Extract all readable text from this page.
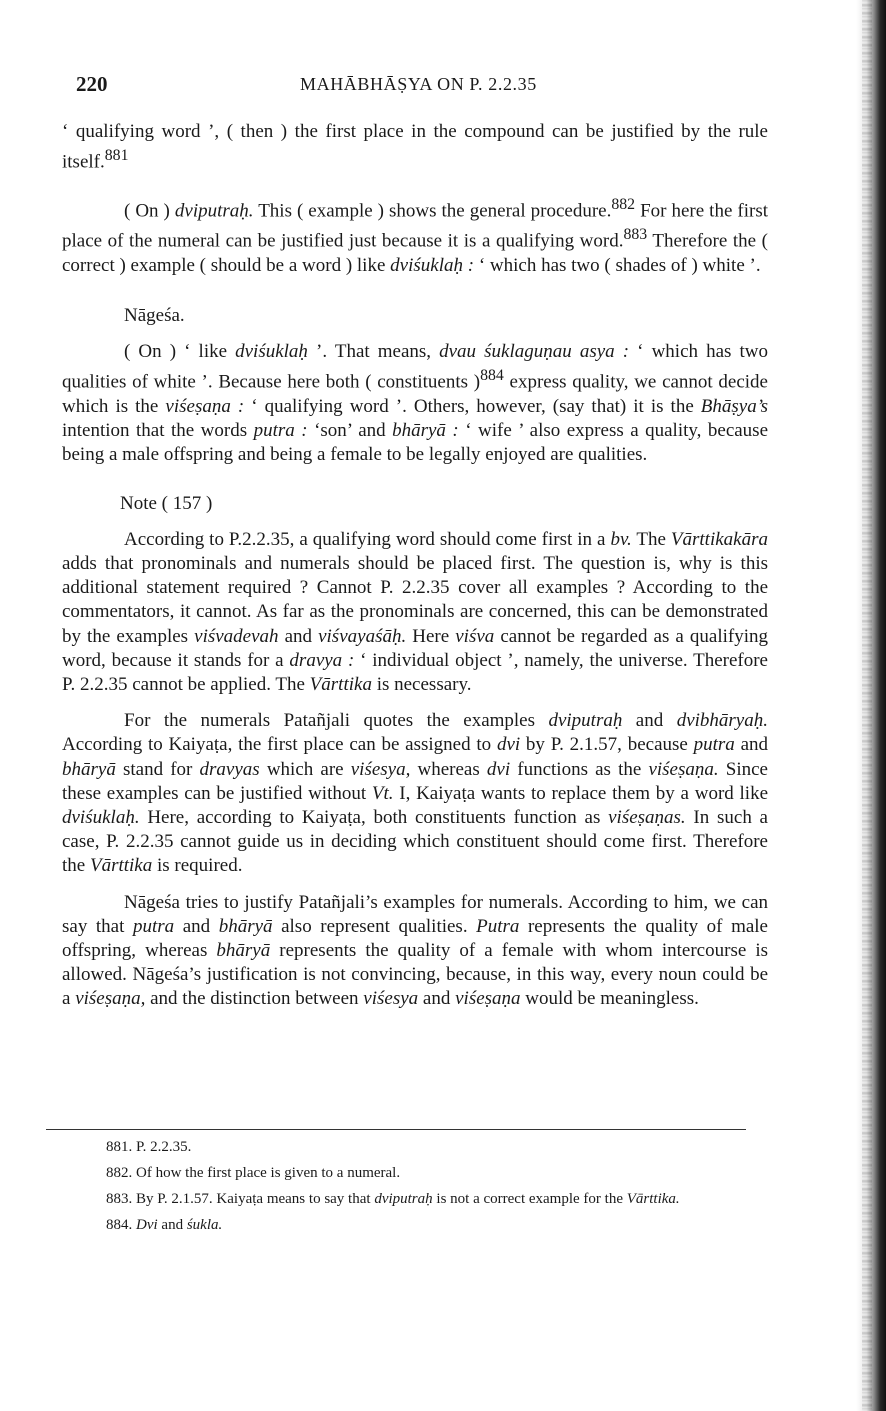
220	MAHĀBHĀṢYA ON P. 2.2.35

‘ qualifying word ’, ( then ) the first place in the compound can be justified by the rule itself.$^{881}$

( On ) dviputraḥ. This ( example ) shows the general procedure.$^{882}$ For here the first place of the numeral can be justified just because it is a qualifying word.$^{883}$ Therefore the ( correct ) example ( should be a word ) like dviśuklaḥ : ‘ which has two ( shades of ) white ’.

Nāgeśa.

( On ) ‘ like dviśuklaḥ ’. That means, dvau śuklaguṇau asya : ‘ which has two qualities of white ’. Because here both ( constituents )$^{884}$ express quality, we cannot decide which is the viśeṣaṇa : ‘ qualifying word ’. Others, however, (say that) it is the Bhāṣya’s intention that the words putra : ‘son’ and bhāryā : ‘ wife ’ also express a quality, because being a male offspring and being a female to be legally enjoyed are qualities.

Note ( 157 )

According to P.2.2.35, a qualifying word should come first in a bv. The Vārttikakāra adds that pronominals and numerals should be placed first. The question is, why is this additional statement required ? Cannot P. 2.2.35 cover all examples ? According to the commentators, it cannot. As far as the pronominals are concerned, this can be demonstrated by the examples viśvadevah and viśvayaśāḥ. Here viśva cannot be regarded as a qualifying word, because it stands for a dravya : ‘ individual object ’, namely, the universe. Therefore P. 2.2.35 cannot be applied. The Vārttika is necessary.

For the numerals Patañjali quotes the examples dviputraḥ and dvibhāryaḥ. According to Kaiyaṭa, the first place can be assigned to dvi by P. 2.1.57, because putra and bhāryā stand for dravyas which are viśesya, whereas dvi functions as the viśeṣaṇa. Since these examples can be justified without Vt. I, Kaiyaṭa wants to replace them by a word like dviśuklaḥ. Here, according to Kaiyaṭa, both constituents function as viśeṣaṇas. In such a case, P. 2.2.35 cannot guide us in deciding which constituent should come first. Therefore the Vārttika is required.

Nāgeśa tries to justify Patañjali’s examples for numerals. According to him, we can say that putra and bhāryā also represent qualities. Putra represents the quality of male offspring, whereas bhāryā represents the quality of a female with whom intercourse is allowed. Nāgeśa’s justification is not convincing, because, in this way, every noun could be a viśeṣaṇa, and the distinction between viśesya and viśeṣaṇa would be meaningless.

881. P. 2.2.35.

882. Of how the first place is given to a numeral.

883. By P. 2.1.57. Kaiyaṭa means to say that dviputraḥ is not a correct example for the Vārttika.

884. Dvi and śukla.
